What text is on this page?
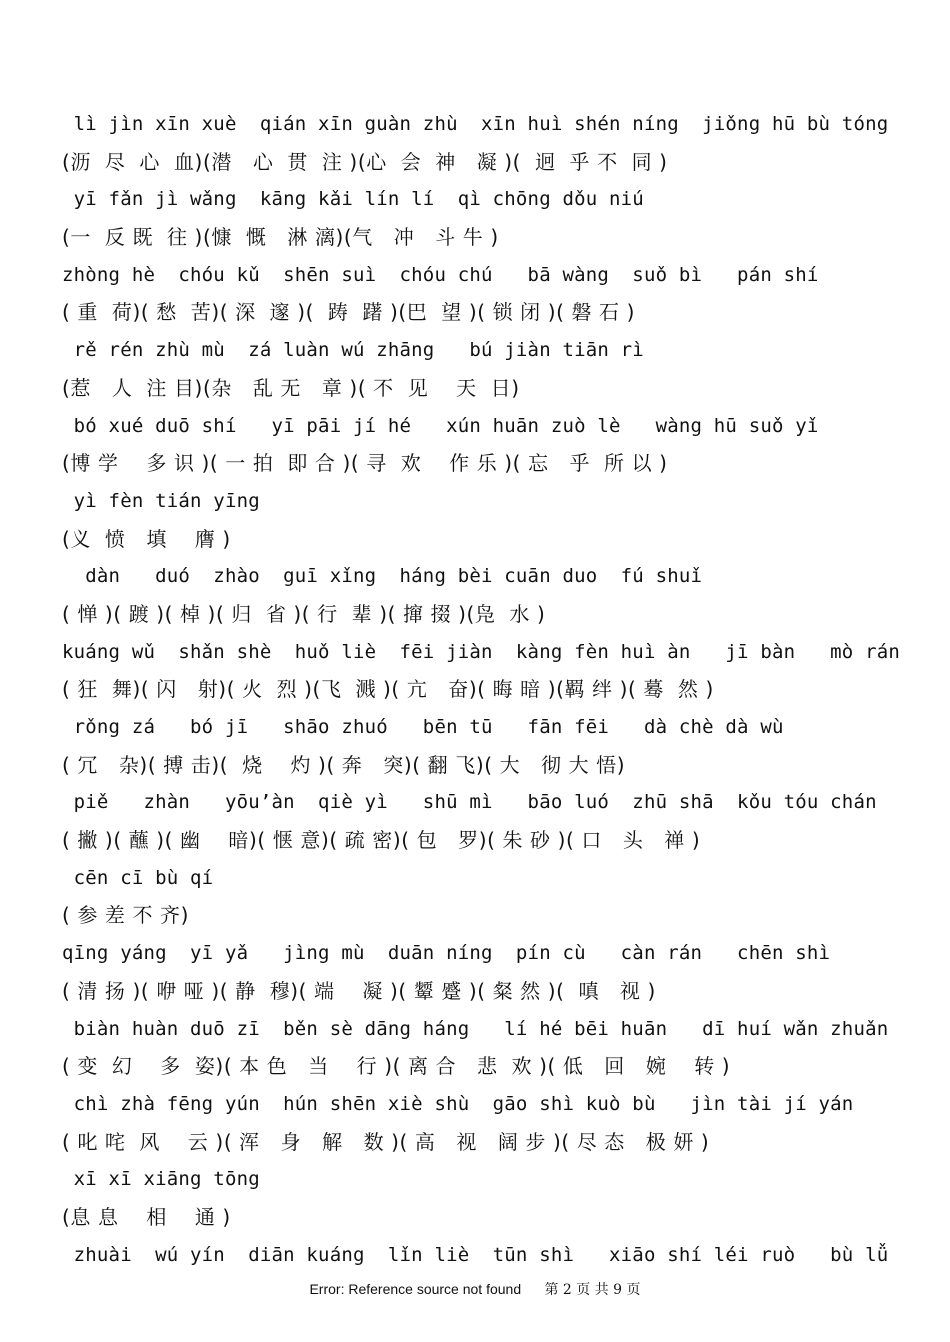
lì jìn xīn xuè  qián xīn guàn zhù  xīn huì shén níng  jiǒng hū bù tóng
(沥  尽  心  血)(潜   心  贯  注 )(心  会  神   凝 )(  迥  乎 不  同 )
yī fǎn jì wǎng  kāng kǎi lín lí  qì chōng dǒu niú
(一  反 既  往 )(慷  慨   淋 漓)(气   冲   斗 牛 )
zhòng hè  chóu kǔ  shēn suì  chóu chú   bā wàng  suǒ bì   pán shí
( 重  荷)( 愁  苦)( 深  邃 )(  踌  躇 )(巴  望 )( 锁 闭 )( 磐 石 )
rě rén zhù mù  zá luàn wú zhāng   bú jiàn tiān rì
(惹   人  注 目)(杂   乱 无   章 )( 不  见    天  日)
bó xué duō shí   yī pāi jí hé   xún huān zuò lè   wàng hū suǒ yǐ
(博 学    多 识 )( 一 拍  即 合 )( 寻  欢    作 乐 )( 忘   乎  所 以 )
yì fèn tián yīng
(义  愤   填    膺 )
dàn   duó  zhào  guī xǐng  háng bèi cuān duo  fú shuǐ
( 惮 )( 踱 )( 棹 )( 归  省 )( 行  辈 )( 撺 掇 )(凫  水 )
kuáng wǔ  shǎn shè  huǒ liè  fēi jiàn  kàng fèn huì àn   jī bàn   mò rán
( 狂  舞)( 闪   射)( 火  烈 )(飞  溅 )( 亢   奋)( 晦 暗 )(羁 绊 )( 蓦  然 )
rǒng zá   bó jī   shāo zhuó   bēn tū   fān fēi   dà chè dà wù
( 冗   杂)( 搏 击)(  烧    灼 )( 奔   突)( 翻 飞)( 大   彻 大 悟)
piě   zhàn   yōu’àn  qiè yì   shū mì   bāo luó  zhū shā  kǒu tóu chán
( 撇 )( 蘸 )( 幽    暗)( 惬 意)( 疏 密)( 包   罗)( 朱 砂 )( 口   头   禅 )
cēn cī bù qí
( 参 差 不 齐)
qīng yáng  yī yǎ   jìng mù  duān níng  pín cù   càn rán   chēn shì
( 清 扬 )( 咿 哑 )( 静  穆)( 端    凝 )( 颦 蹙 )( 粲 然 )(  嗔   视 )
biàn huàn duō zī  běn sè dāng háng   lí hé bēi huān   dī huí wǎn zhuǎn
( 变  幻    多  姿)( 本 色   当    行 )( 离 合   悲  欢 )( 低   回   婉    转 )
chì zhà fēng yún  hún shēn xiè shù  gāo shì kuò bù   jìn tài jí yán
( 叱 咤  风    云 )( 浑   身   解   数 )( 高   视   阔 步 )( 尽 态   极 妍 )
xī xī xiāng tōng
(息 息    相    通 )
zhuài  wú yín  diān kuáng  lǐn liè  tūn shì   xiāo shí léi ruò   bù lǚ
Error: Reference source not found 第 2 页 共 9 页
